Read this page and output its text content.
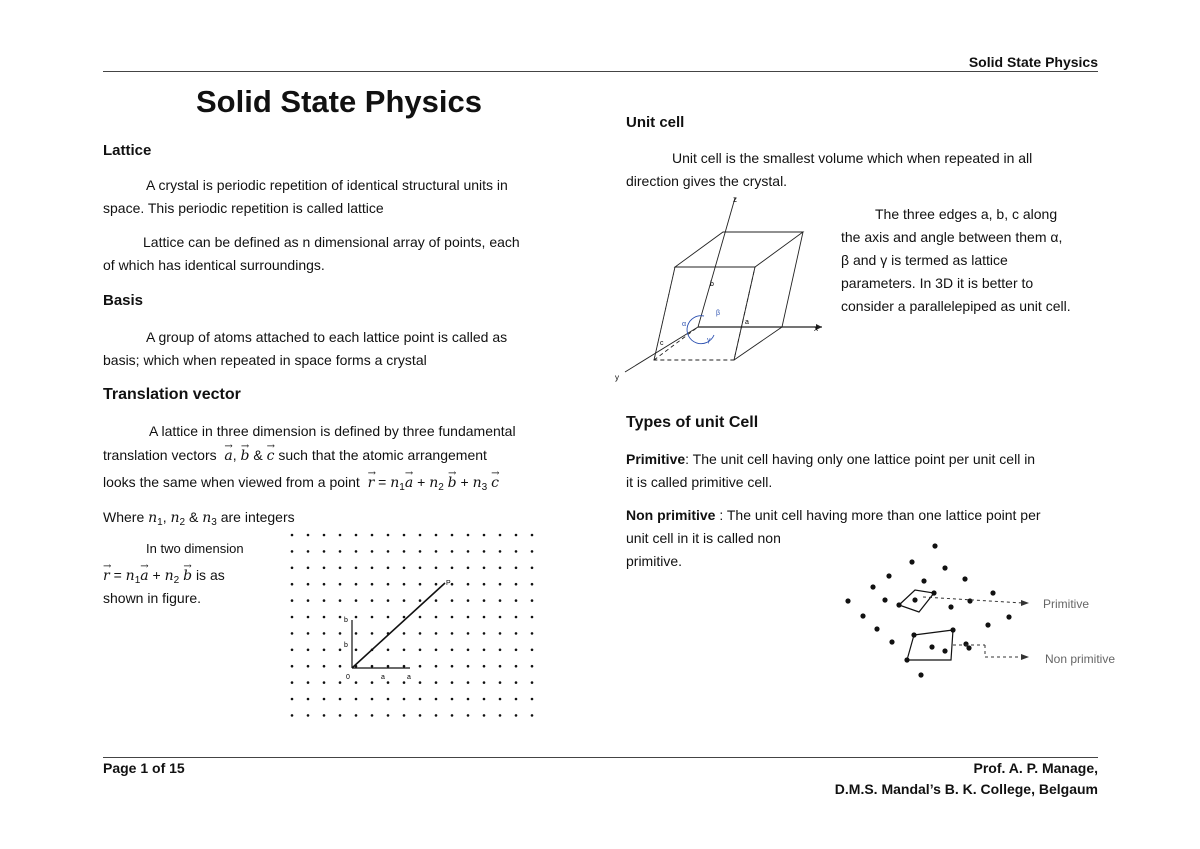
Solid State Physics
Solid State Physics
Lattice
A crystal is periodic repetition of identical structural units in
space. This periodic repetition is called lattice
Lattice can be defined as n dimensional array of points, each
of which has identical surroundings.
Basis
A group of atoms attached to each lattice point is called as
basis; which when repeated in space forms a crystal
Translation vector
A lattice in three dimension is defined by three fundamental
translation vectors → a, → b & → c such that the atomic arrangement
looks the same when viewed from a point → $r = n_1\to a + n_2 \to b + n_3 \to c$
Where $n_1$, $n_2$ & $n_3$ are integers
In two dimension
→ $r = n_1\to a + n_2 \to b$ is as
shown in figure.
0	a	a
b
b
P
Unit cell
Unit cell is the smallest volume which when repeated in all
direction gives the crystal.
The three edges a, b, c along
the axis and angle between them α,
β and γ is termed as lattice
parameters. In 3D it is better to
consider a parallelepiped as unit cell.
x
z
y
a
b
c
α
β
γ
Types of unit Cell
Primitive: The unit cell having only one lattice point per unit cell in
it is called primitive cell.
Non primitive : The unit cell having more than one lattice point per
unit cell in it is called non
primitive.
Primitive
Non primitive
Page 1 of 15	Prof. A. P. Manage,
D.M.S. Mandal’s B. K. College, Belgaum
